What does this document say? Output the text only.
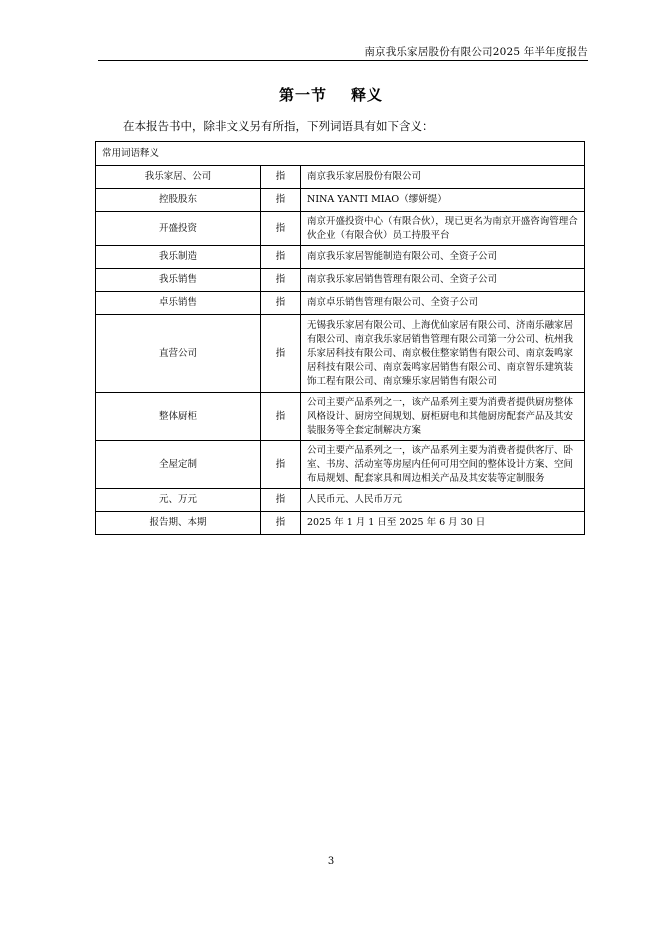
南京我乐家居股份有限公司2025 年半年度报告
第一节 释义
在本报告书中，除非文义另有所指，下列词语具有如下含义：
常用词语释义		
我乐家居、公司	指	南京我乐家居股份有限公司
控股股东	指	NINA YANTI MIAO（缪妍缇）
开盛投资	指	南京开盛投资中心（有限合伙），现已更名为南京开盛咨询管理合伙企业（有限合伙）员工持股平台
我乐制造	指	南京我乐家居智能制造有限公司、全资子公司
我乐销售	指	南京我乐家居销售管理有限公司、全资子公司
卓乐销售	指	南京卓乐销售管理有限公司、全资子公司
直营公司	指	无锡我乐家居有限公司、上海优仙家居有限公司、济南乐融家居有限公司、南京我乐家居销售管理有限公司第一分公司、杭州我乐家居科技有限公司、南京极住整家销售有限公司、南京轰鸣家居科技有限公司、南京轰鸣家居销售有限公司、南京智乐建筑装饰工程有限公司、南京臻乐家居销售有限公司
整体厨柜	指	公司主要产品系列之一，该产品系列主要为消费者提供厨房整体风格设计、厨房空间规划、厨柜厨电和其他厨房配套产品及其安装服务等全套定制解决方案
全屋定制	指	公司主要产品系列之一，该产品系列主要为消费者提供客厅、卧室、书房、活动室等房屋内任何可用空间的整体设计方案、空间布局规划、配套家具和周边相关产品及其安装等定制服务
元、万元	指	人民币元、人民币万元
报告期、本期	指	2025 年 1 月 1 日至 2025 年 6 月 30 日
3
